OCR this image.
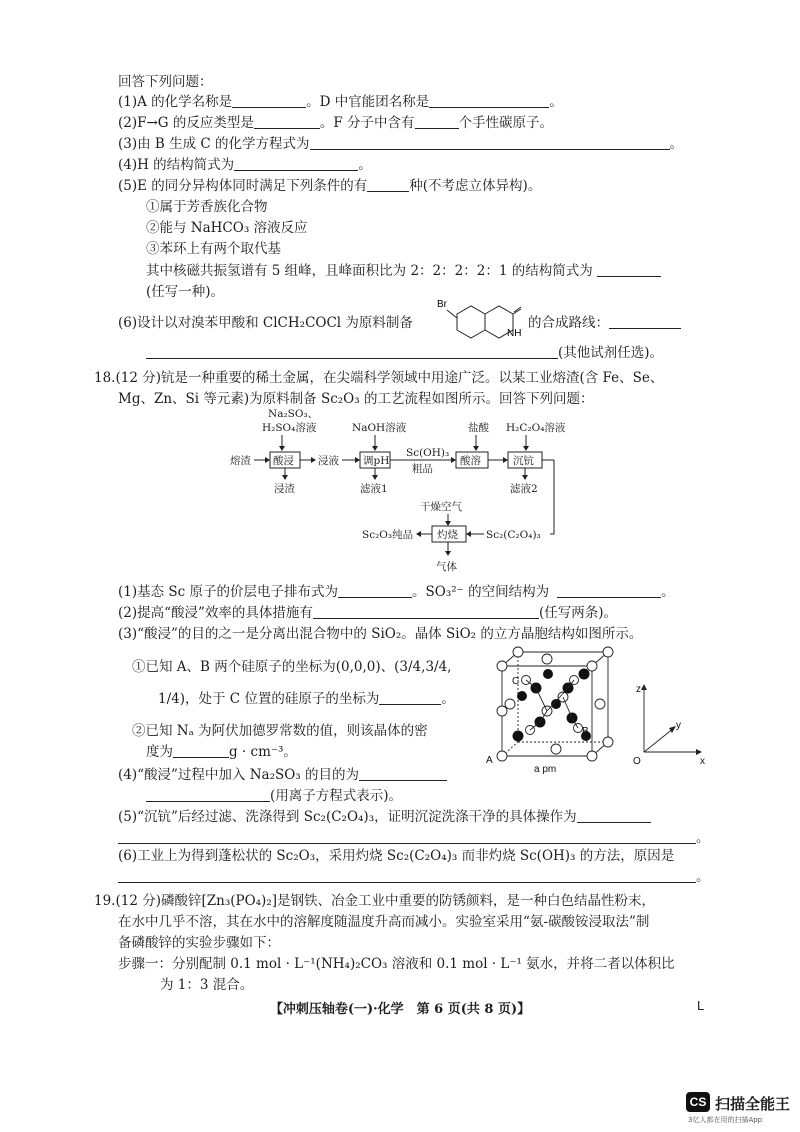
回答下列问题：
(1)A 的化学名称是	。D 中官能团名称是	。
(2)F→G 的反应类型是	。F 分子中含有	个手性碳原子。
(3)由 B 生成 C 的化学方程式为	。
(4)H 的结构简式为	。
(5)E 的同分异构体同时满足下列条件的有	种(不考虑立体异构)。
①属于芳香族化合物
②能与 NaHCO₃ 溶液反应
③苯环上有两个取代基
其中核磁共振氢谱有 5 组峰，且峰面积比为 2：2：2：2：1 的结构简式为
(任写一种)。
(6)设计以对溴苯甲酸和 ClCH₂COCl 为原料制备
Br
NH
的合成路线：
(其他试剂任选)。
18.(12 分)钪是一种重要的稀土金属，在尖端科学领域中用途广泛。以某工业熔渣(含 Fe、Se、
Mg、Zn、Si 等元素)为原料制备 Sc₂O₃ 的工艺流程如图所示。回答下列问题：
Na₂SO₃、
H₂SO₄溶液	NaOH溶液	盐酸 H₂C₂O₄溶液
熔渣 酸浸 浸液 调pH
Sc(OH)₃
粗品
酸溶	沉钪
浸渣	滤液1	滤液2
Sc₂(C₂O₄)₃
干燥空气
灼烧
Sc₂O₃纯品
气体
(1)基态 Sc 原子的价层电子排布式为	。SO₃²⁻ 的空间结构为	。
(2)提高“酸浸”效率的具体措施有	(任写两条)。
(3)“酸浸”的目的之一是分离出混合物中的 SiO₂。晶体 SiO₂ 的立方晶胞结构如图所示。
①已知 A、B 两个硅原子的坐标为(0,0,0)、(3/4,3/4,
1/4)，处于 C 位置的硅原子的坐标为	。
②已知 Nₐ 为阿伏加德罗常数的值，则该晶体的密
度为	g · cm⁻³。
A
B
C
a pm
z
y
x
O
(4)“酸浸”过程中加入 Na₂SO₃ 的目的为
(用离子方程式表示)。
(5)“沉钪”后经过滤、洗涤得到 Sc₂(C₂O₄)₃，证明沉淀洗涤干净的具体操作为
。
(6)工业上为得到蓬松状的 Sc₂O₃，采用灼烧 Sc₂(C₂O₄)₃ 而非灼烧 Sc(OH)₃ 的方法，原因是
。
19.(12 分)磷酸锌[Zn₃(PO₄)₂]是钢铁、冶金工业中重要的防锈颜料，是一种白色结晶性粉末，
在水中几乎不溶，其在水中的溶解度随温度升高而减小。实验室采用“氨-碳酸铵浸取法”制
备磷酸锌的实验步骤如下：
步骤一：分别配制 0.1 mol · L⁻¹(NH₄)₂CO₃ 溶液和 0.1 mol · L⁻¹ 氨水，并将二者以体积比
为 1：3 混合。
【冲刺压轴卷(一)·化学　第 6 页(共 8 页)】	L
CS 扫描全能王
3亿人都在用的扫描App
